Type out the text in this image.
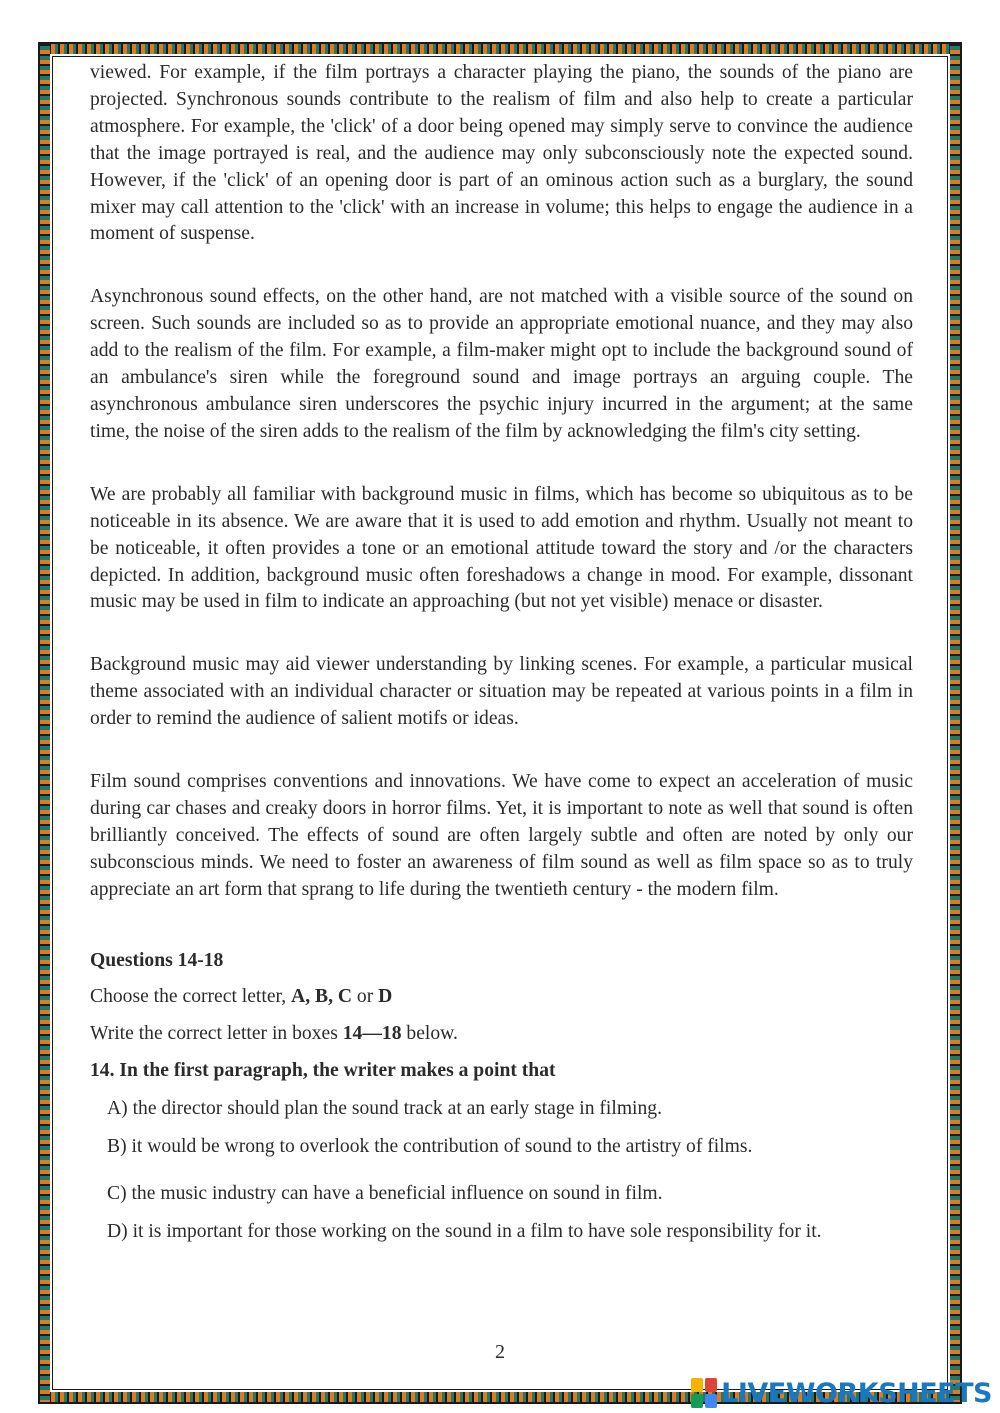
viewed. For example, if the film portrays a character playing the piano, the sounds of the piano are projected. Synchronous sounds contribute to the realism of film and also help to create a particular atmosphere. For example, the 'click' of a door being opened may simply serve to convince the audience that the image portrayed is real, and the audience may only subconsciously note the expected sound. However, if the 'click' of an opening door is part of an ominous action such as a burglary, the sound mixer may call attention to the 'click' with an increase in volume; this helps to engage the audience in a moment of suspense.

Asynchronous sound effects, on the other hand, are not matched with a visible source of the sound on screen. Such sounds are included so as to provide an appropriate emotional nuance, and they may also add to the realism of the film. For example, a film-maker might opt to include the background sound of an ambulance's siren while the foreground sound and image portrays an arguing couple. The asynchronous ambulance siren underscores the psychic injury incurred in the argument; at the same time, the noise of the siren adds to the realism of the film by acknowledging the film's city setting.

We are probably all familiar with background music in films, which has become so ubiquitous as to be noticeable in its absence. We are aware that it is used to add emotion and rhythm. Usually not meant to be noticeable, it often provides a tone or an emotional attitude toward the story and /or the characters depicted. In addition, background music often foreshadows a change in mood. For example, dissonant music may be used in film to indicate an approaching (but not yet visible) menace or disaster.

Background music may aid viewer understanding by linking scenes. For example, a particular musical theme associated with an individual character or situation may be repeated at various points in a film in order to remind the audience of salient motifs or ideas.

Film sound comprises conventions and innovations. We have come to expect an acceleration of music during car chases and creaky doors in horror films. Yet, it is important to note as well that sound is often brilliantly conceived. The effects of sound are often largely subtle and often are noted by only our subconscious minds. We need to foster an awareness of film sound as well as film space so as to truly appreciate an art form that sprang to life during the twentieth century - the modern film.

Questions 14-18
Choose the correct letter, A, B, C or D
Write the correct letter in boxes 14—18 below.
14. In the first paragraph, the writer makes a point that
A) the director should plan the sound track at an early stage in filming.
B) it would be wrong to overlook the contribution of sound to the artistry of films.
C) the music industry can have a beneficial influence on sound in film.
D) it is important for those working on the sound in a film to have sole responsibility for it.
2
LIVEWORKSHEETS
